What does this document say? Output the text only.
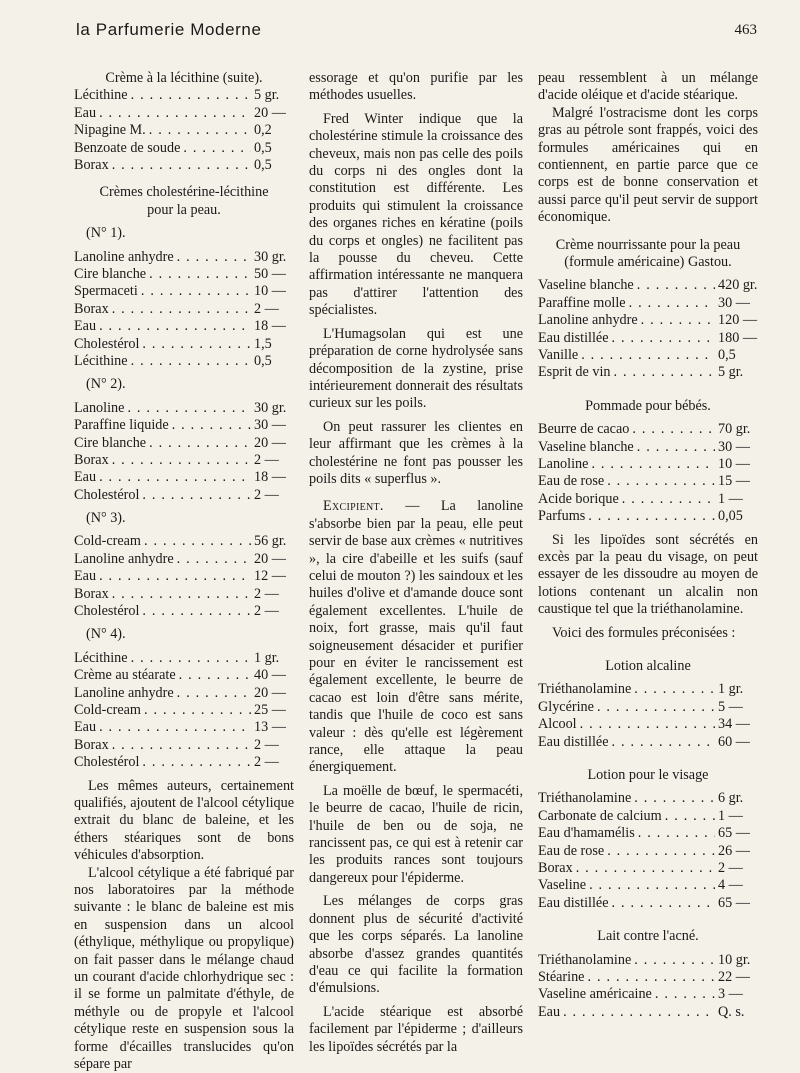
la Parfumerie Moderne	463
Crème à la lécithine (suite).
Lécithine . . .	5 gr.
Eau . . .	20 —
Nipagine M. . . .	0,2
Benzoate de soude . . .	0,5
Borax . . .	0,5
Crèmes cholestérine-lécithine
pour la peau.
(N° 1).
Lanoline anhydre . . .	30 gr.
Cire blanche . . .	50 —
Spermaceti . . .	10 —
Borax . . .	2 —
Eau . . .	18 —
Cholestérol . . .	1,5
Lécithine . . .	0,5
(N° 2).
Lanoline . . .	30 gr.
Paraffine liquide . . .	30 —
Cire blanche . . .	20 —
Borax . . .	2 —
Eau . . .	18 —
Cholestérol . . .	2 —
(N° 3).
Cold-cream . . .	56 gr.
Lanoline anhydre . . .	20 —
Eau . . .	12 —
Borax . . .	2 —
Cholestérol . . .	2 —
(N° 4).
Lécithine . . .	1 gr.
Crème au stéarate . . .	40 —
Lanoline anhydre . . .	20 —
Cold-cream . . .	25 —
Eau . . .	13 —
Borax . . .	2 —
Cholestérol . . .	2 —

Les mêmes auteurs, certainement qualifiés, ajoutent de l'alcool cétylique extrait du blanc de baleine, et les éthers stéariques sont de bons véhicules d'absorption.

L'alcool cétylique a été fabriqué par nos laboratoires par la méthode suivante : le blanc de baleine est mis en suspension dans un alcool (éthylique, méthylique ou propylique) on fait passer dans le mélange chaud un courant d'acide chlorhydrique sec : il se forme un palmitate d'éthyle, de méthyle ou de propyle et l'alcool cétylique reste en suspension sous la forme d'écailles translucides qu'on sépare par

essorage et qu'on purifie par les méthodes usuelles.

Fred Winter indique que la cholestérine stimule la croissance des cheveux, mais non pas celle des poils du corps ni des ongles dont la constitution est différente. Les produits qui stimulent la croissance des organes riches en kératine (poils du corps et ongles) ne facilitent pas la pousse du cheveu. Cette affirmation intéressante ne manquera pas d'attirer l'attention des spécialistes.

L'Humagsolan qui est une préparation de corne hydrolysée sans décomposition de la zystine, prise intérieurement donnerait des résultats curieux sur les poils.

On peut rassurer les clientes en leur affirmant que les crèmes à la cholestérine ne font pas pousser les poils dits « superflus ».

Excipient. — La lanoline s'absorbe bien par la peau, elle peut servir de base aux crèmes « nutritives », la cire d'abeille et les suifs (sauf celui de mouton ?) les saindoux et les huiles d'olive et d'amande douce sont également excellentes. L'huile de noix, fort grasse, mais qu'il faut soigneusement désacider et purifier pour en éviter le rancissement est également excellente, le beurre de cacao est loin d'être sans mérite, tandis que l'huile de coco est sans valeur : dès qu'elle est légèrement rance, elle attaque la peau énergiquement.

La moëlle de bœuf, le spermacéti, le beurre de cacao, l'huile de ricin, l'huile de ben ou de soja, ne rancissent pas, ce qui est à retenir car les produits rances sont toujours dangereux pour l'épiderme.

Les mélanges de corps gras donnent plus de sécurité d'activité que les corps séparés. La lanoline absorbe d'assez grandes quantités d'eau ce qui facilite la formation d'émulsions.

L'acide stéarique est absorbé facilement par l'épiderme ; d'ailleurs les lipoïdes sécrétés par la

peau ressemblent à un mélange d'acide oléique et d'acide stéarique.

Malgré l'ostracisme dont les corps gras au pétrole sont frappés, voici des formules américaines qui en contiennent, en partie parce que ce corps est de bonne conservation et aussi parce qu'il peut servir de support économique.

Crème nourrissante pour la peau
(formule américaine) Gastou.
Vaseline blanche . . .	420 gr.
Paraffine molle . . .	30 —
Lanoline anhydre . . .	120 —
Eau distillée . . .	180 —
Vanille . . .	0,5
Esprit de vin . . .	5 gr.
Pommade pour bébés.
Beurre de cacao . . .	70 gr.
Vaseline blanche . . .	30 —
Lanoline . . .	10 —
Eau de rose . . .	15 —
Acide borique . . .	1 —
Parfums . . .	0,05

Si les lipoïdes sont sécrétés en excès par la peau du visage, on peut essayer de les dissoudre au moyen de lotions contenant un alcalin non caustique tel que la triéthanolamine.

Voici des formules préconisées :

Lotion alcaline
Triéthanolamine . . .	1 gr.
Glycérine . . .	5 —
Alcool . . .	34 —
Eau distillée . . .	60 —
Lotion pour le visage
Triéthanolamine . . .	6 gr.
Carbonate de calcium . . .	1 —
Eau d'hamamélis . . .	65 —
Eau de rose . . .	26 —
Borax . . .	2 —
Vaseline . . .	4 —
Eau distillée . . .	65 —
Lait contre l'acné.
Triéthanolamine . . .	10 gr.
Stéarine . . .	22 —
Vaseline américaine . . .	3 —
Eau . . .	Q. s.
